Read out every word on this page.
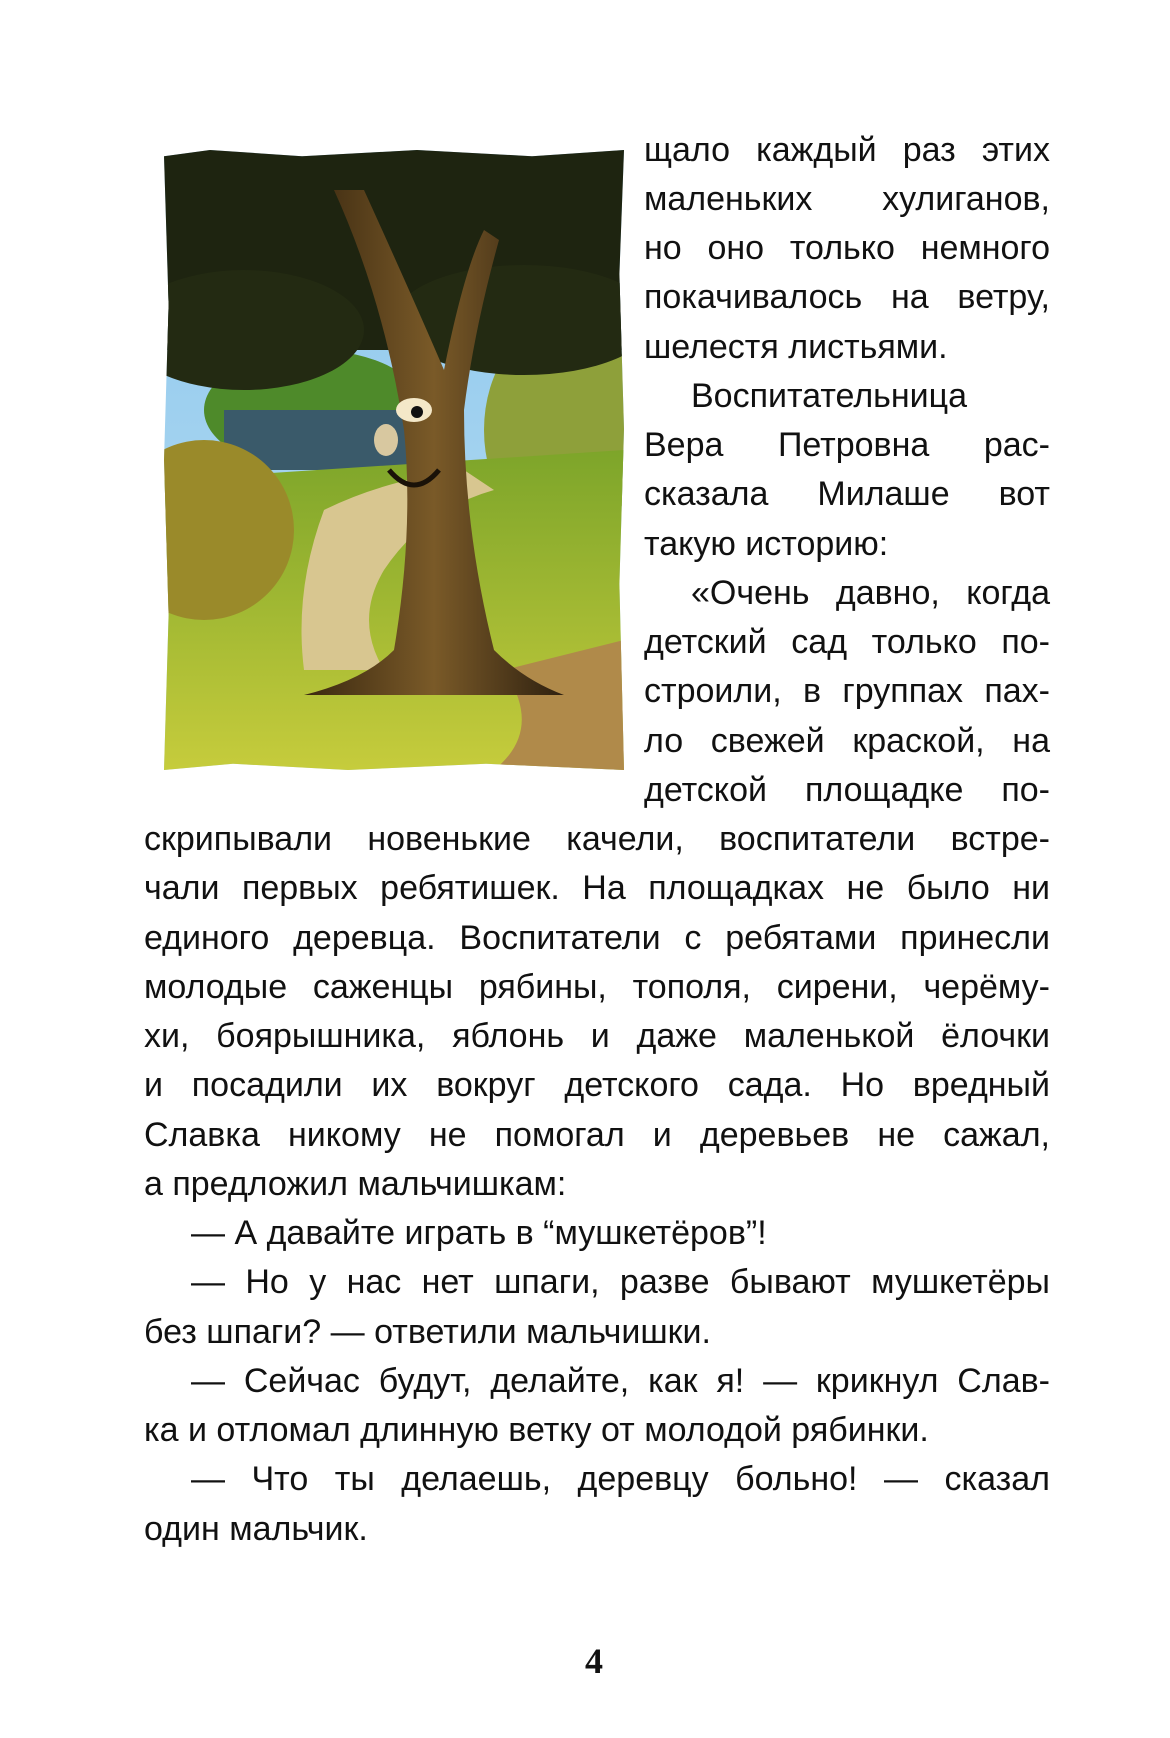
щало каждый раз этих
маленьких хулиганов,
но оно только немного
покачивалось на ветру,
шелестя листьями.
Воспитательница
Вера Петровна рас-
сказала Милаше вот
такую историю:
«Очень давно, когда
детский сад только по-
строили, в группах пах-
ло свежей краской, на
детской площадке по-
скрипывали новенькие качели, воспитатели встре-
чали первых ребятишек. На площадках не было ни
единого деревца. Воспитатели с ребятами принесли
молодые саженцы рябины, тополя, сирени, черёму-
хи, боярышника, яблонь и даже маленькой ёлочки
и посадили их вокруг детского сада. Но вредный
Славка никому не помогал и деревьев не сажал,
а предложил мальчишкам:
— А давайте играть в “мушкетёров”!
— Но у нас нет шпаги, разве бывают мушкетёры
без шпаги? — ответили мальчишки.
— Сейчас будут, делайте, как я! — крикнул Слав-
ка и отломал длинную ветку от молодой рябинки.
— Что ты делаешь, деревцу больно! — сказал
один мальчик.
4
